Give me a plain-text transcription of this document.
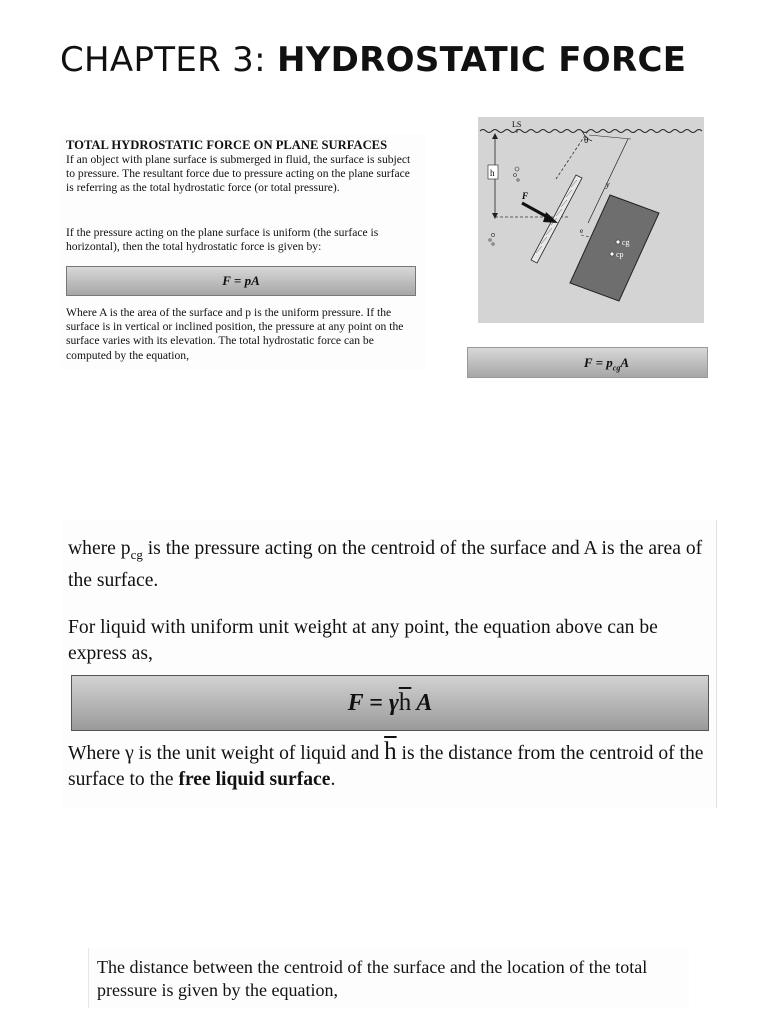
CHAPTER 3: HYDROSTATIC FORCE
TOTAL HYDROSTATIC FORCE ON PLANE SURFACES

If an object with plane surface is submerged in fluid, the surface is subject to pressure. The resultant force due to pressure acting on the plane surface is referring as the total hydrostatic force (or total pressure).

If the pressure acting on the plane surface is uniform (the surface is horizontal), then the total hydrostatic force is given by:

F = pA

Where A is the area of the surface and p is the uniform pressure. If the surface is in vertical or inclined position, the pressure at any point on the surface varies with its elevation. The total hydrostatic force can be computed by the equation,

LS
θ
h
F
y
e
cg
cp
$F = p_{cg}A$

where $p_{cg}$ is the pressure acting on the centroid of the surface and A is the area of the surface.

For liquid with uniform unit weight at any point, the equation above can be express as,

$F = \gamma\overline{h}$ A

Where γ is the unit weight of liquid and $\overline{h}$ is the distance from the centroid of the surface to the free liquid surface.

The distance between the centroid of the surface and the location of the total pressure is given by the equation,
